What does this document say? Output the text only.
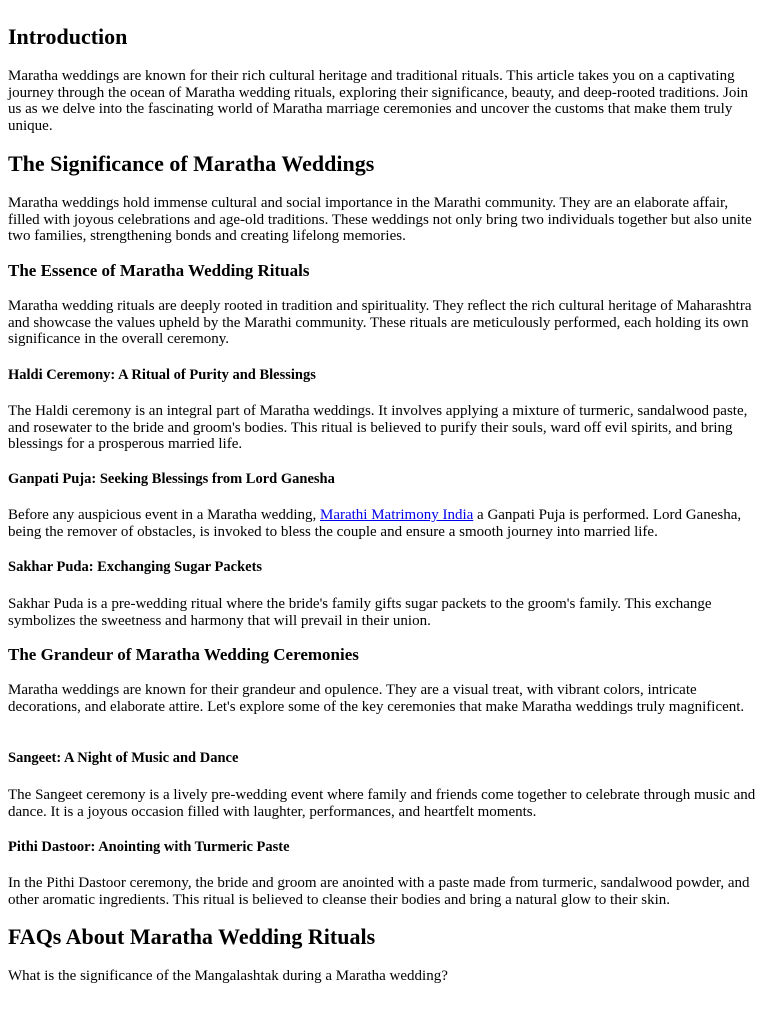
Introduction

Maratha weddings are known for their rich cultural heritage and traditional rituals. This article takes you on a captivating journey through the ocean of Maratha wedding rituals, exploring their significance, beauty, and deep-rooted traditions. Join us as we delve into the fascinating world of Maratha marriage ceremonies and uncover the customs that make them truly unique.

The Significance of Maratha Weddings

Maratha weddings hold immense cultural and social importance in the Marathi community. They are an elaborate affair, filled with joyous celebrations and age-old traditions. These weddings not only bring two individuals together but also unite two families, strengthening bonds and creating lifelong memories.

The Essence of Maratha Wedding Rituals

Maratha wedding rituals are deeply rooted in tradition and spirituality. They reflect the rich cultural heritage of Maharashtra and showcase the values upheld by the Marathi community. These rituals are meticulously performed, each holding its own significance in the overall ceremony.

Haldi Ceremony: A Ritual of Purity and Blessings

The Haldi ceremony is an integral part of Maratha weddings. It involves applying a mixture of turmeric, sandalwood paste, and rosewater to the bride and groom's bodies. This ritual is believed to purify their souls, ward off evil spirits, and bring blessings for a prosperous married life.

Ganpati Puja: Seeking Blessings from Lord Ganesha

Before any auspicious event in a Maratha wedding, Marathi Matrimony India a Ganpati Puja is performed. Lord Ganesha, being the remover of obstacles, is invoked to bless the couple and ensure a smooth journey into married life.

Sakhar Puda: Exchanging Sugar Packets

Sakhar Puda is a pre-wedding ritual where the bride's family gifts sugar packets to the groom's family. This exchange symbolizes the sweetness and harmony that will prevail in their union.

The Grandeur of Maratha Wedding Ceremonies

Maratha weddings are known for their grandeur and opulence. They are a visual treat, with vibrant colors, intricate decorations, and elaborate attire. Let's explore some of the key ceremonies that make Maratha weddings truly magnificent.

Sangeet: A Night of Music and Dance

The Sangeet ceremony is a lively pre-wedding event where family and friends come together to celebrate through music and dance. It is a joyous occasion filled with laughter, performances, and heartfelt moments.

Pithi Dastoor: Anointing with Turmeric Paste

In the Pithi Dastoor ceremony, the bride and groom are anointed with a paste made from turmeric, sandalwood powder, and other aromatic ingredients. This ritual is believed to cleanse their bodies and bring a natural glow to their skin.

FAQs About Maratha Wedding Rituals

What is the significance of the Mangalashtak during a Maratha wedding?
